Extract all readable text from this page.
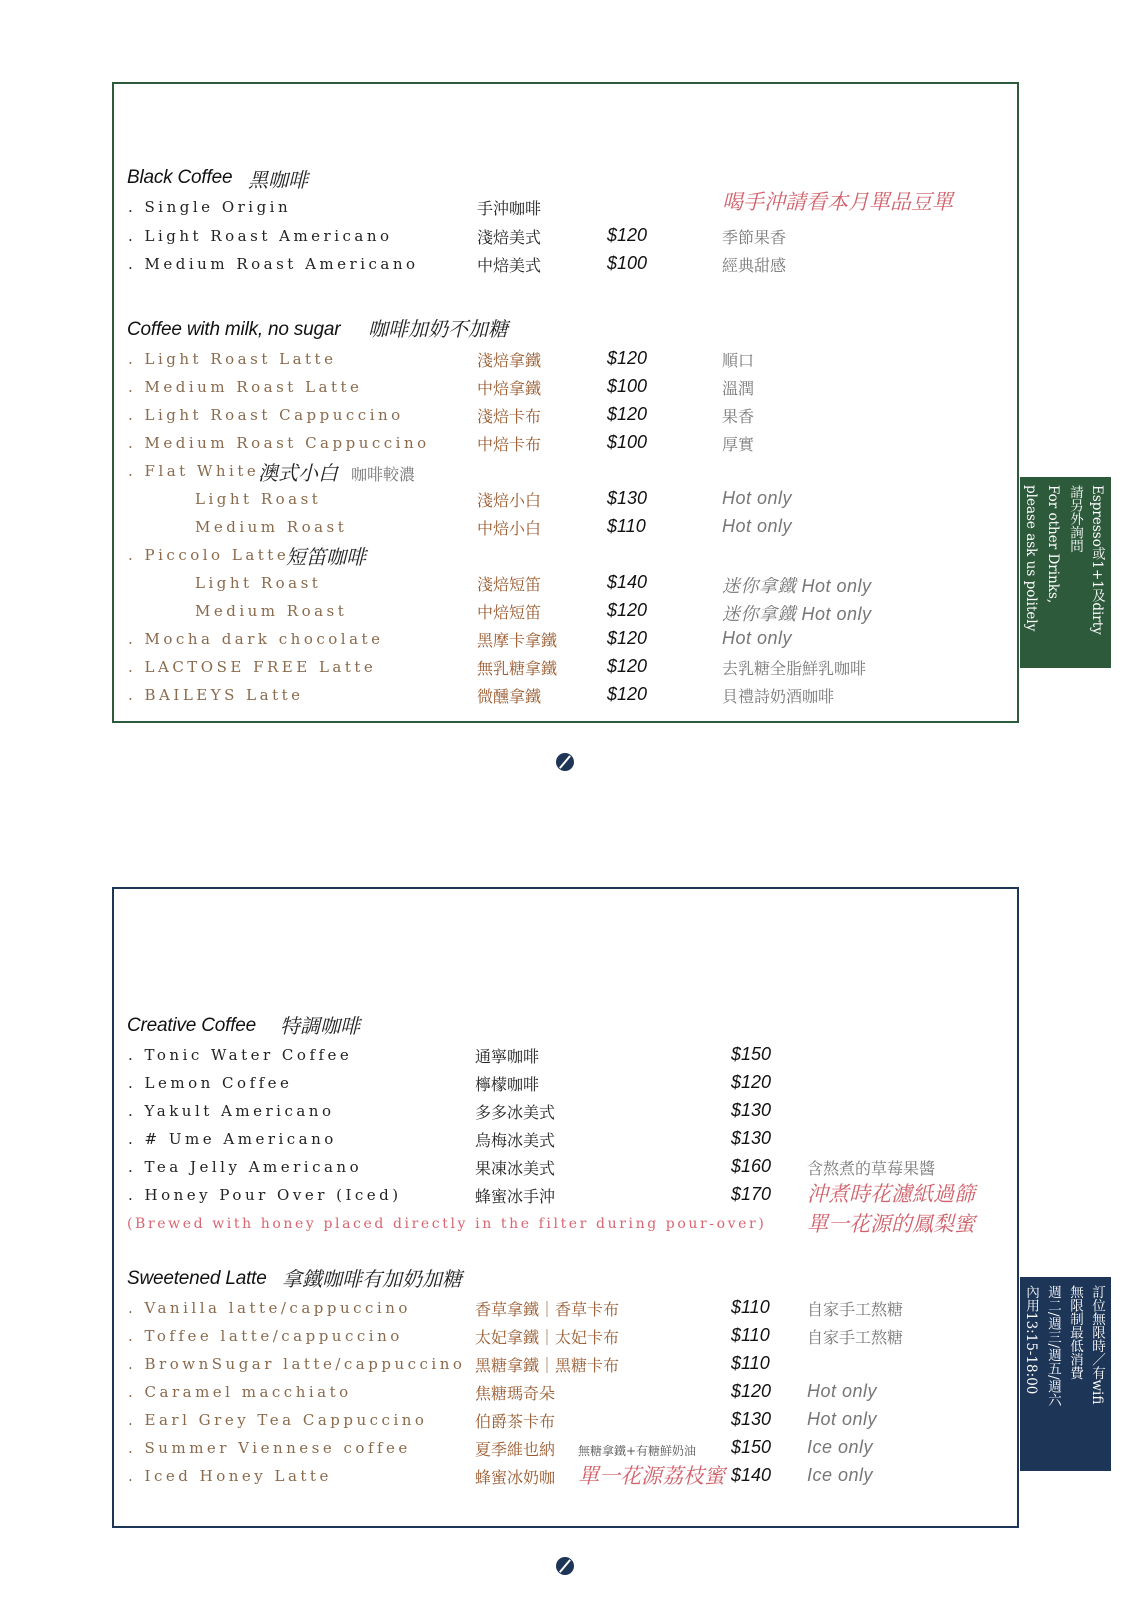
Black Coffee 黑咖啡
. Single Origin	手沖咖啡	喝手沖請看本月單品豆單
. Light Roast Americano	淺焙美式	$120	季節果香
. Medium Roast Americano	中焙美式	$100	經典甜感
Coffee with milk, no sugar 咖啡加奶不加糖
. Light Roast Latte	淺焙拿鐵	$120	順口
. Medium Roast Latte	中焙拿鐵	$100	溫潤
. Light Roast Cappuccino	淺焙卡布	$120	果香
. Medium Roast Cappuccino	中焙卡布	$100	厚實
. Flat White
澳式小白 咖啡較濃
Light Roast	淺焙小白	$130	Hot only
Medium Roast	中焙小白	$110	Hot only
. Piccolo Latte
短笛咖啡
Light Roast	淺焙短笛	$140	迷你拿鐵 Hot only
Medium Roast	中焙短笛	$120	迷你拿鐵 Hot only
. Mocha dark chocolate	黑摩卡拿鐵	$120	Hot only
. LACTOSE FREE Latte	無乳糖拿鐵	$120	去乳糖全脂鮮乳咖啡
. BAILEYS Latte	微醺拿鐵	$120	貝禮詩奶酒咖啡
Espresso或1+1及dirty
請另外詢問
For other Drinks,
please ask us politely
Creative Coffee 特調咖啡
. Tonic Water Coffee	通寧咖啡	$150
. Lemon Coffee	檸檬咖啡	$120
. Yakult Americano	多多冰美式	$130
. # Ume Americano	烏梅冰美式	$130
. Tea Jelly Americano	果凍冰美式	$160 含熬煮的草莓果醬
. Honey Pour Over (Iced)	蜂蜜冰手沖	$170 沖煮時花濾紙過篩
(Brewed with honey placed directly in the filter during pour-over) 單一花源的鳳梨蜜
Sweetened Latte 拿鐵咖啡有加奶加糖
. Vanilla latte/cappuccino	香草拿鐵｜香草卡布	$110 自家手工熬糖
. Toffee latte/cappuccino	太妃拿鐵｜太妃卡布	$110 自家手工熬糖
. BrownSugar latte/cappuccino 黑糖拿鐵｜黑糖卡布	$110
. Caramel macchiato	焦糖瑪奇朵	$120 Hot only
. Earl Grey Tea Cappuccino	伯爵茶卡布	$130 Hot only
. Summer Viennese coffee	夏季維也納 無糖拿鐵+有糖鮮奶油 $150 Ice only
. Iced Honey Latte	蜂蜜冰奶咖 單一花源荔枝蜜 $140 Ice only
訂位無限時／有wifi
無限制最低消費
週二/週三/週五/週六
內用13:15-18:00
